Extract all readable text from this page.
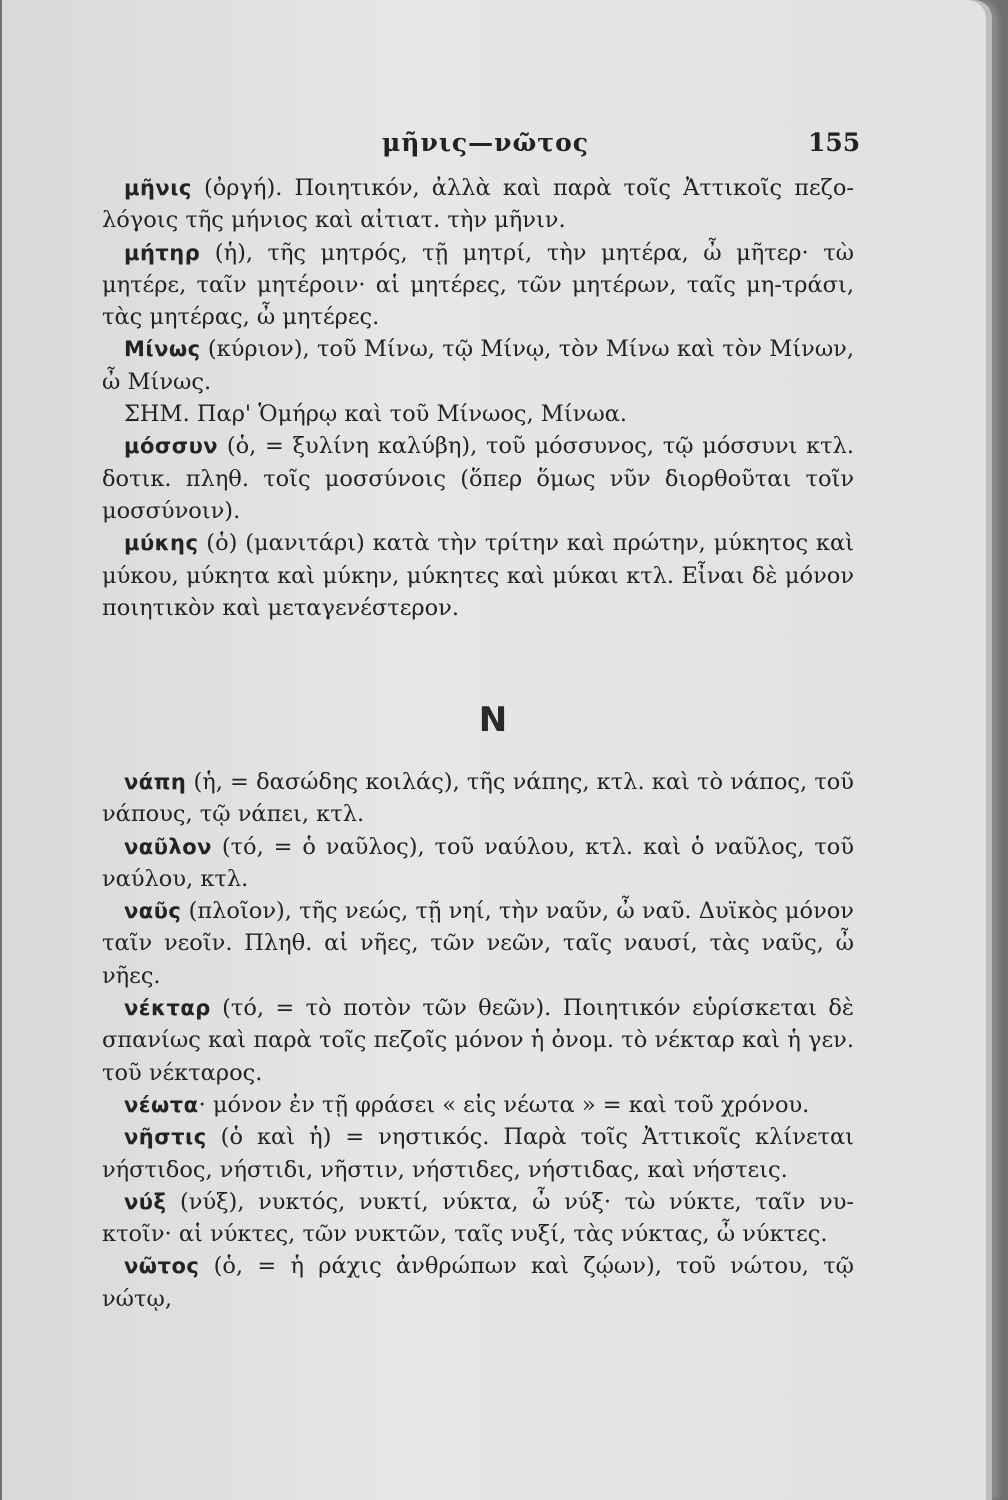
μῆνις—νῶτος	155

μῆνις (ὀργή). Ποιητικόν, ἀλλὰ καὶ παρὰ τοῖς Ἀττικοῖς πεζο-λόγοις τῆς μήνιος καὶ αἰτιατ. τὴν μῆνιν.

μήτηρ (ἡ), τῆς μητρός, τῇ μητρί, τὴν μητέρα, ὦ μῆτερ· τὼ μητέρε, ταῖν μητέροιν· αἱ μητέρες, τῶν μητέρων, ταῖς μη-τράσι, τὰς μητέρας, ὦ μητέρες.

Μίνως (κύριον), τοῦ Μίνω, τῷ Μίνῳ, τὸν Μίνω καὶ τὸν Μίνων, ὦ Μίνως.

ΣΗΜ. Παρ' Ὁμήρῳ καὶ τοῦ Μίνωος, Μίνωα.

μόσσυν (ὁ, = ξυλίνη καλύβη), τοῦ μόσσυνος, τῷ μόσσυνι κτλ. δοτικ. πληθ. τοῖς μοσσύνοις (ὅπερ ὅμως νῦν διορθοῦται τοῖν μοσσύνοιν).

μύκης (ὁ) (μανιτάρι) κατὰ τὴν τρίτην καὶ πρώτην, μύκητος καὶ μύκου, μύκητα καὶ μύκην, μύκητες καὶ μύκαι κτλ. Εἶναι δὲ μόνον ποιητικὸν καὶ μεταγενέστερον.

Ν

νάπη (ἡ, = δασώδης κοιλάς), τῆς νάπης, κτλ. καὶ τὸ νάπος, τοῦ νάπους, τῷ νάπει, κτλ.

ναῦλον (τό, = ὁ ναῦλος), τοῦ ναύλου, κτλ. καὶ ὁ ναῦλος, τοῦ ναύλου, κτλ.

ναῦς (πλοῖον), τῆς νεώς, τῇ νηί, τὴν ναῦν, ὦ ναῦ. Δυϊκὸς μόνον ταῖν νεοῖν. Πληθ. αἱ νῆες, τῶν νεῶν, ταῖς ναυσί, τὰς ναῦς, ὦ νῆες.

νέκταρ (τό, = τὸ ποτὸν τῶν θεῶν). Ποιητικόν εὑρίσκεται δὲ σπανίως καὶ παρὰ τοῖς πεζοῖς μόνον ἡ ὀνομ. τὸ νέκταρ καὶ ἡ γεν. τοῦ νέκταρος.

νέωτα· μόνον ἐν τῇ φράσει « εἰς νέωτα » = καὶ τοῦ χρόνου.

νῆστις (ὁ καὶ ἡ) = νηστικός. Παρὰ τοῖς Ἀττικοῖς κλίνεται νήστιδος, νήστιδι, νῆστιν, νήστιδες, νήστιδας, καὶ νήστεις.

νύξ (νύξ), νυκτός, νυκτί, νύκτα, ὦ νύξ· τὼ νύκτε, ταῖν νυ-κτοῖν· αἱ νύκτες, τῶν νυκτῶν, ταῖς νυξί, τὰς νύκτας, ὦ νύκτες.

νῶτος (ὁ, = ἡ ράχις ἀνθρώπων καὶ ζῴων), τοῦ νώτου, τῷ νώτῳ,
